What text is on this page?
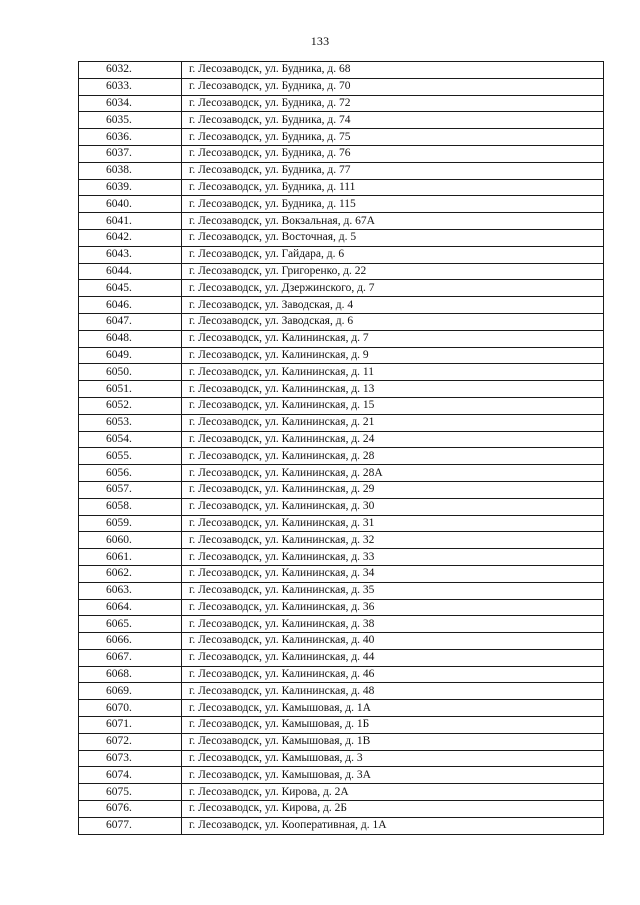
133
6032.	г. Лесозаводск, ул. Будника, д. 68
6033.	г. Лесозаводск, ул. Будника, д. 70
6034.	г. Лесозаводск, ул. Будника, д. 72
6035.	г. Лесозаводск, ул. Будника, д. 74
6036.	г. Лесозаводск, ул. Будника, д. 75
6037.	г. Лесозаводск, ул. Будника, д. 76
6038.	г. Лесозаводск, ул. Будника, д. 77
6039.	г. Лесозаводск, ул. Будника, д. 111
6040.	г. Лесозаводск, ул. Будника, д. 115
6041.	г. Лесозаводск, ул. Вокзальная, д. 67А
6042.	г. Лесозаводск, ул. Восточная, д. 5
6043.	г. Лесозаводск, ул. Гайдара, д. 6
6044.	г. Лесозаводск, ул. Григоренко, д. 22
6045.	г. Лесозаводск, ул. Дзержинского, д. 7
6046.	г. Лесозаводск, ул. Заводская, д. 4
6047.	г. Лесозаводск, ул. Заводская, д. 6
6048.	г. Лесозаводск, ул. Калининская, д. 7
6049.	г. Лесозаводск, ул. Калининская, д. 9
6050.	г. Лесозаводск, ул. Калининская, д. 11
6051.	г. Лесозаводск, ул. Калининская, д. 13
6052.	г. Лесозаводск, ул. Калининская, д. 15
6053.	г. Лесозаводск, ул. Калининская, д. 21
6054.	г. Лесозаводск, ул. Калининская, д. 24
6055.	г. Лесозаводск, ул. Калининская, д. 28
6056.	г. Лесозаводск, ул. Калининская, д. 28А
6057.	г. Лесозаводск, ул. Калининская, д. 29
6058.	г. Лесозаводск, ул. Калининская, д. 30
6059.	г. Лесозаводск, ул. Калининская, д. 31
6060.	г. Лесозаводск, ул. Калининская, д. 32
6061.	г. Лесозаводск, ул. Калининская, д. 33
6062.	г. Лесозаводск, ул. Калининская, д. 34
6063.	г. Лесозаводск, ул. Калининская, д. 35
6064.	г. Лесозаводск, ул. Калининская, д. 36
6065.	г. Лесозаводск, ул. Калининская, д. 38
6066.	г. Лесозаводск, ул. Калининская, д. 40
6067.	г. Лесозаводск, ул. Калининская, д. 44
6068.	г. Лесозаводск, ул. Калининская, д. 46
6069.	г. Лесозаводск, ул. Калининская, д. 48
6070.	г. Лесозаводск, ул. Камышовая, д. 1А
6071.	г. Лесозаводск, ул. Камышовая, д. 1Б
6072.	г. Лесозаводск, ул. Камышовая, д. 1В
6073.	г. Лесозаводск, ул. Камышовая, д. 3
6074.	г. Лесозаводск, ул. Камышовая, д. 3А
6075.	г. Лесозаводск, ул. Кирова, д. 2А
6076.	г. Лесозаводск, ул. Кирова, д. 2Б
6077.	г. Лесозаводск, ул. Кооперативная, д. 1А
